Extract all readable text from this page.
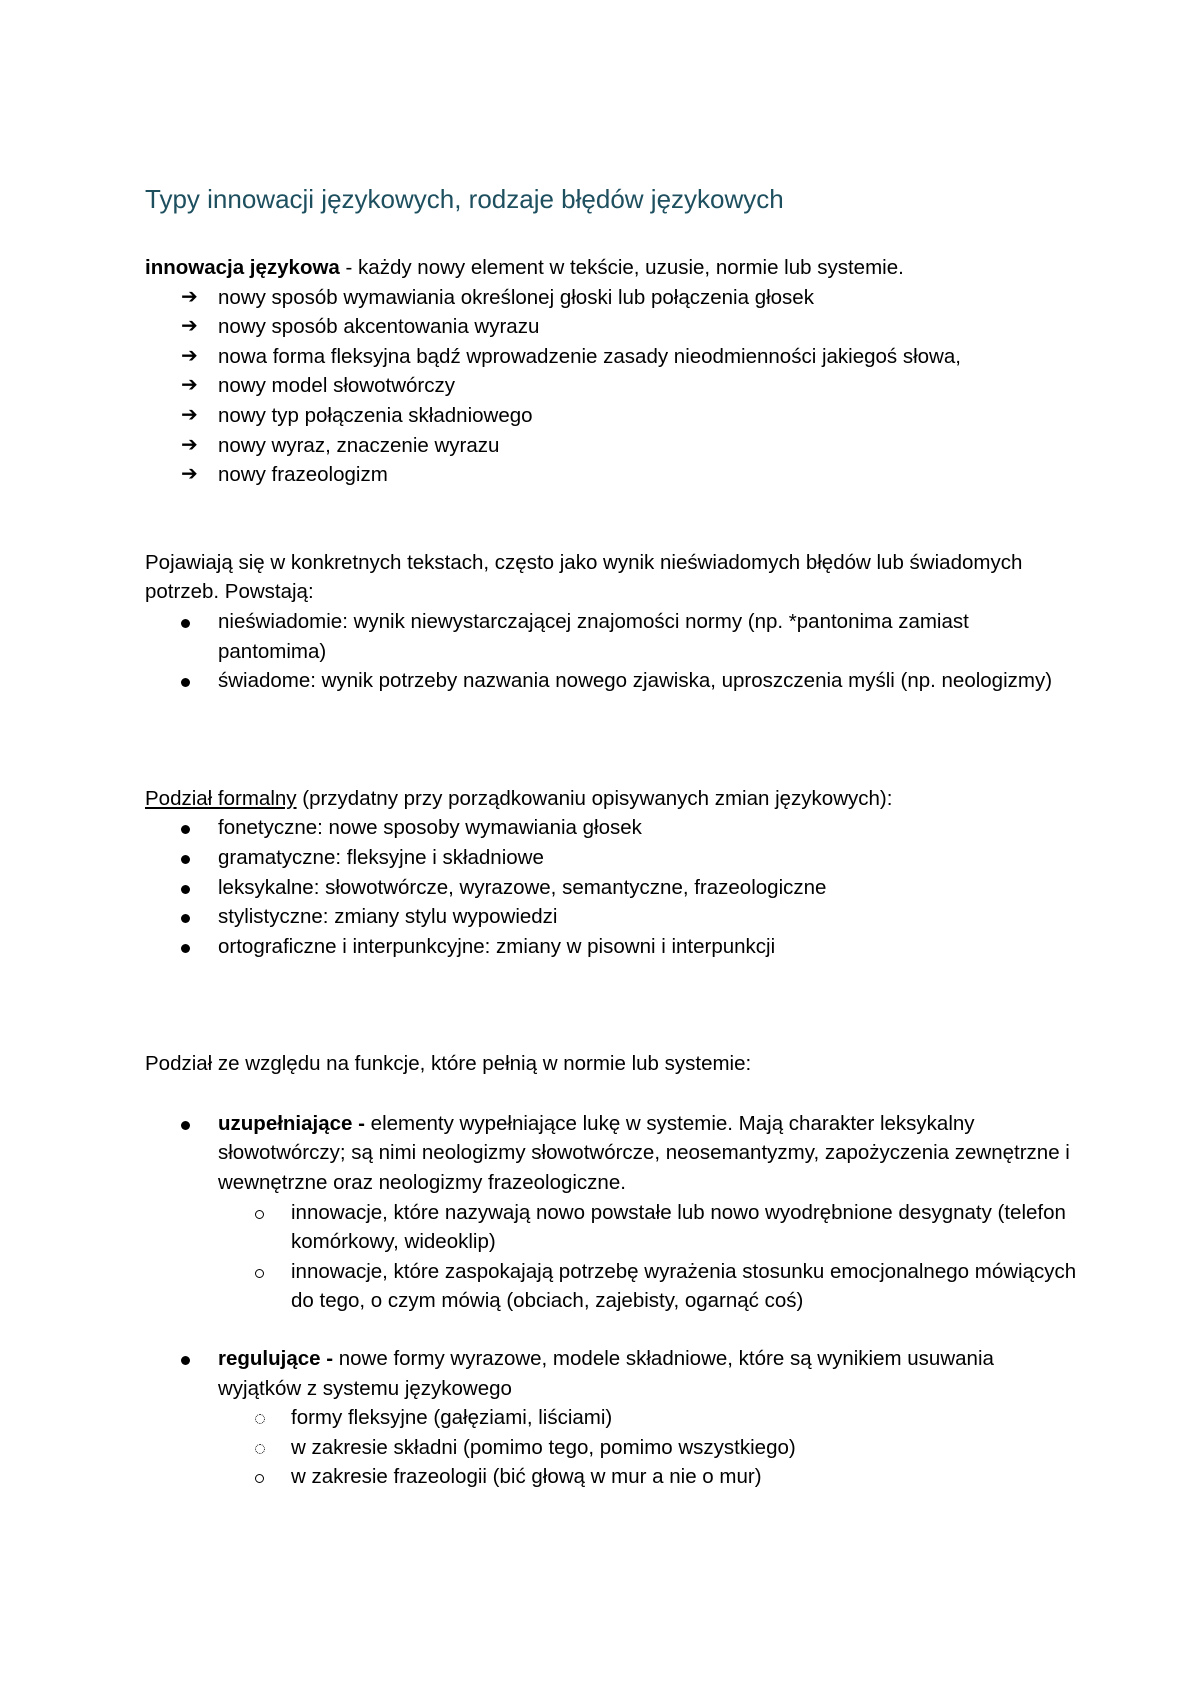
Typy innowacji językowych, rodzaje błędów językowych

innowacja językowa - każdy nowy element w tekście, uzusie, normie lub systemie.

➔ nowy sposób wymawiania określonej głoski lub połączenia głosek
➔ nowy sposób akcentowania wyrazu
➔ nowa forma fleksyjna bądź wprowadzenie zasady nieodmienności jakiegoś słowa,
➔ nowy model słowotwórczy
➔ nowy typ połączenia składniowego
➔ nowy wyraz, znaczenie wyrazu
➔ nowy frazeologizm

Pojawiają się w konkretnych tekstach, często jako wynik nieświadomych błędów lub świadomych potrzeb. Powstają:

nieświadomie: wynik niewystarczającej znajomości normy (np. *pantonima zamiast pantomima)
świadome: wynik potrzeby nazwania nowego zjawiska, uproszczenia myśli (np. neologizmy)

Podział formalny (przydatny przy porządkowaniu opisywanych zmian językowych):

fonetyczne: nowe sposoby wymawiania głosek
gramatyczne: fleksyjne i składniowe
leksykalne: słowotwórcze, wyrazowe, semantyczne, frazeologiczne
stylistyczne: zmiany stylu wypowiedzi
ortograficzne i interpunkcyjne: zmiany w pisowni i interpunkcji

Podział ze względu na funkcje, które pełnią w normie lub systemie:

uzupełniające - elementy wypełniające lukę w systemie. Mają charakter leksykalny słowotwórczy; są nimi neologizmy słowotwórcze, neosemantyzmy, zapożyczenia zewnętrzne i wewnętrzne oraz neologizmy frazeologiczne.
innowacje, które nazywają nowo powstałe lub nowo wyodrębnione desygnaty (telefon komórkowy, wideoklip)
innowacje, które zaspokajają potrzebę wyrażenia stosunku emocjonalnego mówiących do tego, o czym mówią (obciach, zajebisty, ogarnąć coś)
regulujące - nowe formy wyrazowe, modele składniowe, które są wynikiem usuwania wyjątków z systemu językowego
formy fleksyjne (gałęziami, liściami)
w zakresie składni (pomimo tego, pomimo wszystkiego)
w zakresie frazeologii (bić głową w mur a nie o mur)
